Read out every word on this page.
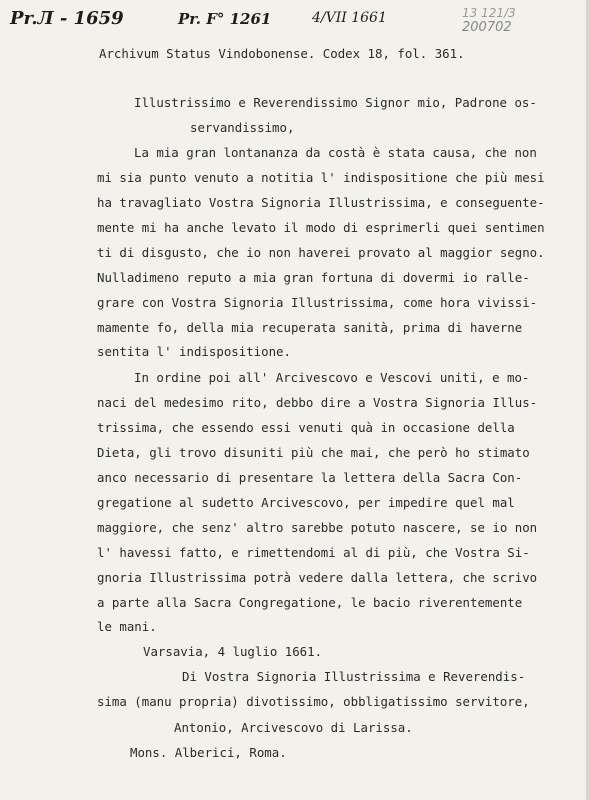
Pr.Л - 1659	Pr. F° 1261	4/VII 1661	13 121/3
200702
Archivum Status Vindobonense. Codex 18, fol. 361.
Illustrissimo e Reverendissimo Signor mio, Padrone os-
servandissimo,
La mia gran lontananza da costà è stata causa, che non
mi sia punto venuto a notitia l' indispositione che più mesi
ha travagliato Vostra Signoria Illustrissima, e conseguente-
mente mi ha anche levato il modo di esprimerli quei sentimen
ti di disgusto, che io non haverei provato al maggior segno.
Nulladimeno reputo a mia gran fortuna di dovermi io ralle-
grare con Vostra Signoria Illustrissima, come hora vivissi-
mamente fo, della mia recuperata sanità, prima di haverne
sentita l' indispositione.
In ordine poi all' Arcivescovo e Vescovi uniti, e mo-
naci del medesimo rito, debbo dire a Vostra Signoria Illus-
trissima, che essendo essi venuti quà in occasione della
Dieta, gli trovo disuniti più che mai, che però ho stimato
anco necessario di presentare la lettera della Sacra Con-
gregatione al sudetto Arcivescovo, per impedire quel mal
maggiore, che senz' altro sarebbe potuto nascere, se io non
l' havessi fatto, e rimettendomi al di più, che Vostra Si-
gnoria Illustrissima potrà vedere dalla lettera, che scrivo
a parte alla Sacra Congregatione, le bacio riverentemente
le mani.
Varsavia, 4 luglio 1661.
Di Vostra Signoria Illustrissima e Reverendis-
sima (manu propria) divotissimo, obbligatissimo servitore,
Antonio, Arcivescovo di Larissa.
Mons. Alberici, Roma.
